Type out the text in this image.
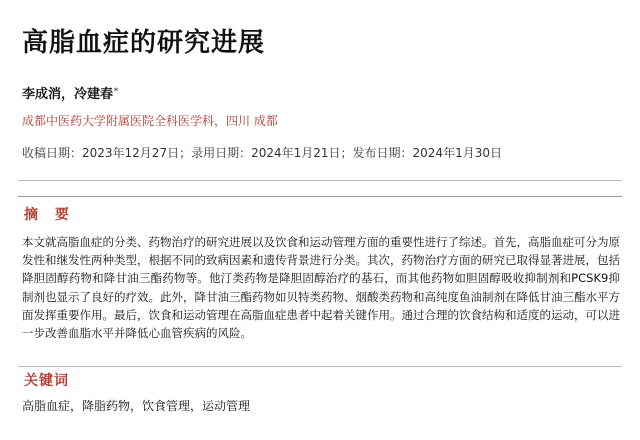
高脂血症的研究进展
李成消，冷建春*
成都中医药大学附属医院全科医学科，四川 成都
收稿日期：2023年12月27日；录用日期：2024年1月21日；发布日期：2024年1月30日
摘 要
本文就高脂血症的分类、药物治疗的研究进展以及饮食和运动管理方面的重要性进行了综述。首先，高脂血症可分为原发性和继发性两种类型，根据不同的致病因素和遗传背景进行分类。其次，药物治疗方面的研究已取得显著进展，包括降胆固醇药物和降甘油三酯药物等。他汀类药物是降胆固醇治疗的基石，而其他药物如胆固醇吸收抑制剂和PCSK9抑制剂也显示了良好的疗效。此外，降甘油三酯药物如贝特类药物、烟酸类药物和高纯度鱼油制剂在降低甘油三酯水平方面发挥重要作用。最后，饮食和运动管理在高脂血症患者中起着关键作用。通过合理的饮食结构和适度的运动，可以进一步改善血脂水平并降低心血管疾病的风险。
关键词
高脂血症，降脂药物，饮食管理，运动管理
